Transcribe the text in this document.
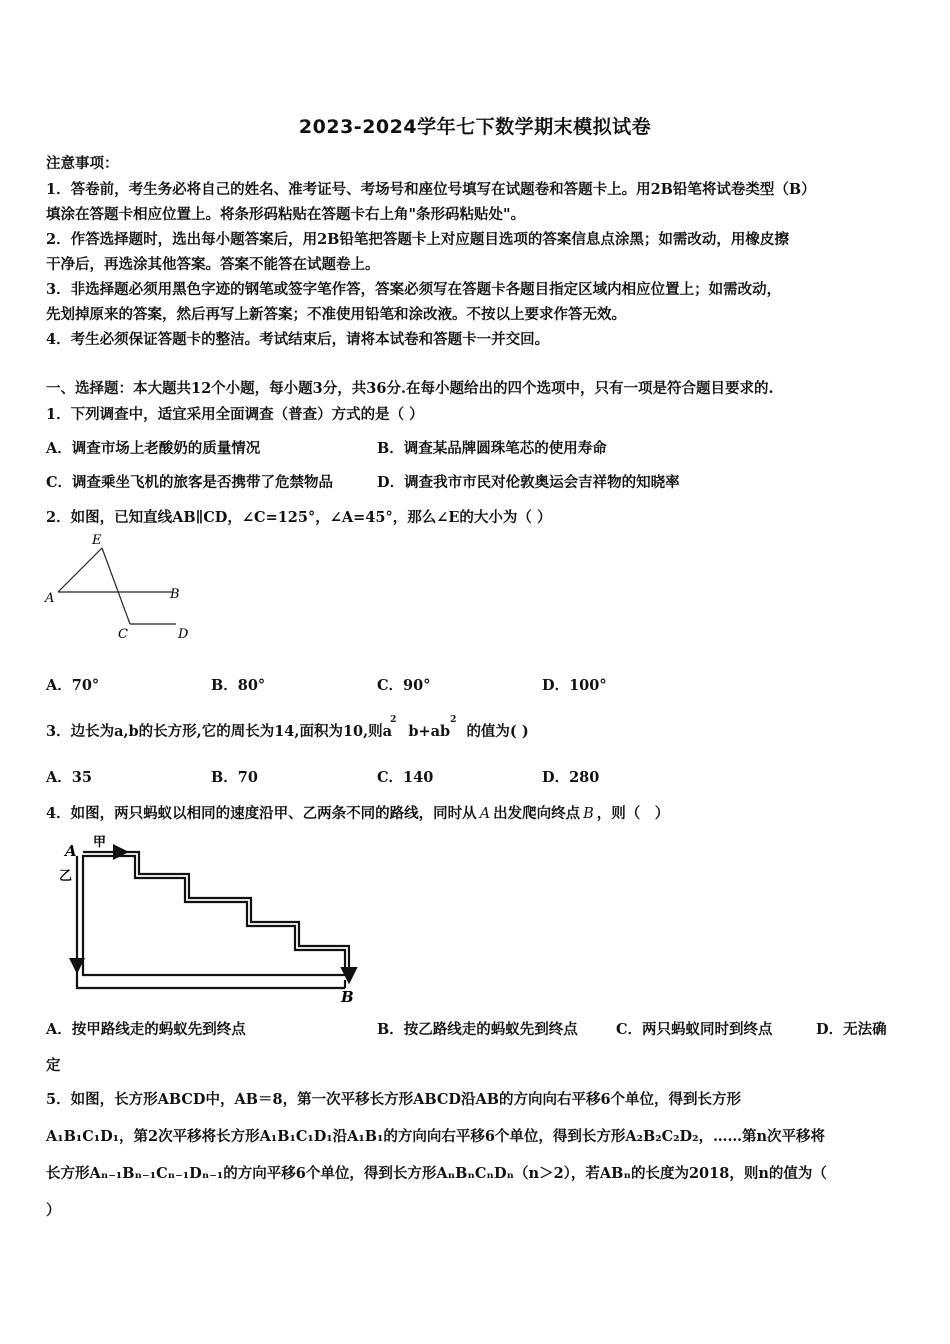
2023-2024学年七下数学期末模拟试卷
注意事项：
1．答卷前，考生务必将自己的姓名、准考证号、考场号和座位号填写在试题卷和答题卡上。用2B铅笔将试卷类型（B）
填涂在答题卡相应位置上。将条形码粘贴在答题卡右上角"条形码粘贴处"。
2．作答选择题时，选出每小题答案后，用2B铅笔把答题卡上对应题目选项的答案信息点涂黑；如需改动，用橡皮擦
干净后，再选涂其他答案。答案不能答在试题卷上。
3．非选择题必须用黑色字迹的钢笔或签字笔作答，答案必须写在答题卡各题目指定区域内相应位置上；如需改动，
先划掉原来的答案，然后再写上新答案；不准使用铅笔和涂改液。不按以上要求作答无效。
4．考生必须保证答题卡的整洁。考试结束后，请将本试卷和答题卡一并交回。
一、选择题：本大题共12个小题，每小题3分，共36分.在每小题给出的四个选项中，只有一项是符合题目要求的.
1．下列调查中，适宜采用全面调查（普查）方式的是（ ）
A．调查市场上老酸奶的质量情况	B．调查某品牌圆珠笔芯的使用寿命
C．调查乘坐飞机的旅客是否携带了危禁物品	D．调查我市市民对伦敦奥运会吉祥物的知晓率
2．如图，已知直线AB∥CD，∠C=125°，∠A=45°，那么∠E的大小为（ ）
E
A	B
C	D
A．70°	B．80°	C．90°	D．100°
3．边长为a,b的长方形,它的周长为14,面积为10,则$a^2b+ab^2$的值为( )
A．35	B．70	C．140	D．280
4．如图，两只蚂蚁以相同的速度沿甲、乙两条不同的路线，同时从 A 出发爬向终点 B ，则（　）
A 甲
乙
B
A．按甲路线走的蚂蚁先到终点	B．按乙路线走的蚂蚁先到终点	C．两只蚂蚁同时到终点	D．无法确
定
5．如图，长方形ABCD中，AB＝8，第一次平移长方形ABCD沿AB的方向向右平移6个单位，得到长方形
A₁B₁C₁D₁，第2次平移将长方形A₁B₁C₁D₁沿A₁B₁的方向向右平移6个单位，得到长方形A₂B₂C₂D₂，……第n次平移将
长方形Aₙ₋₁Bₙ₋₁Cₙ₋₁Dₙ₋₁的方向平移6个单位，得到长方形AₙBₙCₙDₙ（n＞2），若ABₙ的长度为2018，则n的值为（
）
